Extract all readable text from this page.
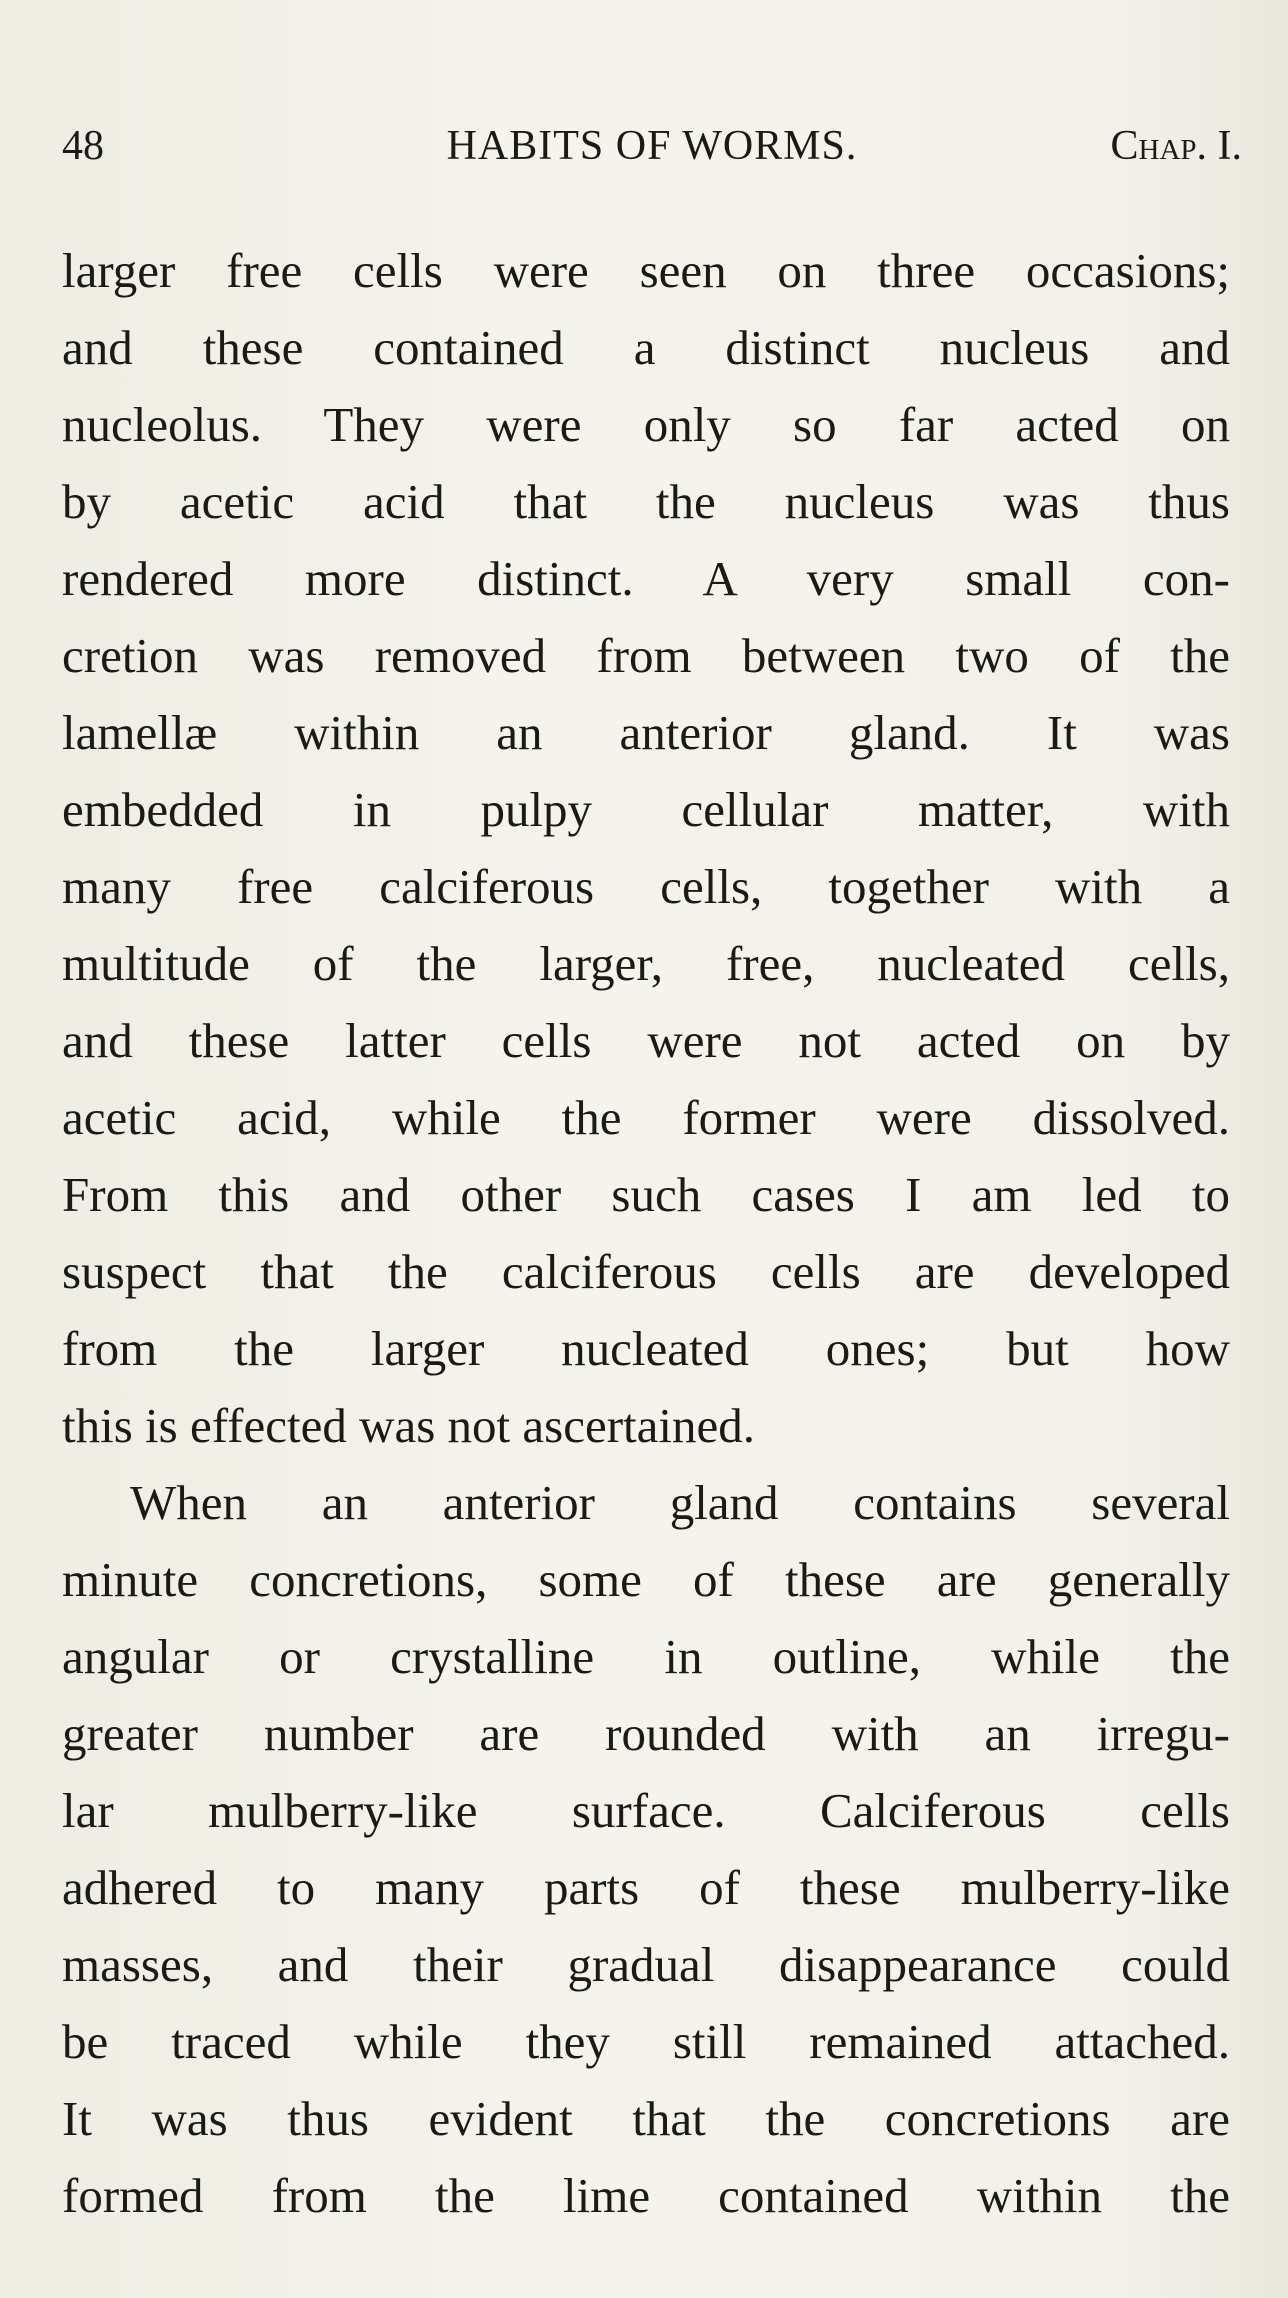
48	HABITS OF WORMS.	Chap. I.
larger free cells were seen on three occasions;
and these contained a distinct nucleus and
nucleolus. They were only so far acted on
by acetic acid that the nucleus was thus
rendered more distinct. A very small con-
cretion was removed from between two of the
lamellæ within an anterior gland. It was
embedded in pulpy cellular matter, with
many free calciferous cells, together with a
multitude of the larger, free, nucleated cells,
and these latter cells were not acted on by
acetic acid, while the former were dissolved.
From this and other such cases I am led to
suspect that the calciferous cells are developed
from the larger nucleated ones; but how
this is effected was not ascertained.
When an anterior gland contains several
minute concretions, some of these are generally
angular or crystalline in outline, while the
greater number are rounded with an irregu-
lar mulberry-like surface. Calciferous cells
adhered to many parts of these mulberry-like
masses, and their gradual disappearance could
be traced while they still remained attached.
It was thus evident that the concretions are
formed from the lime contained within the
